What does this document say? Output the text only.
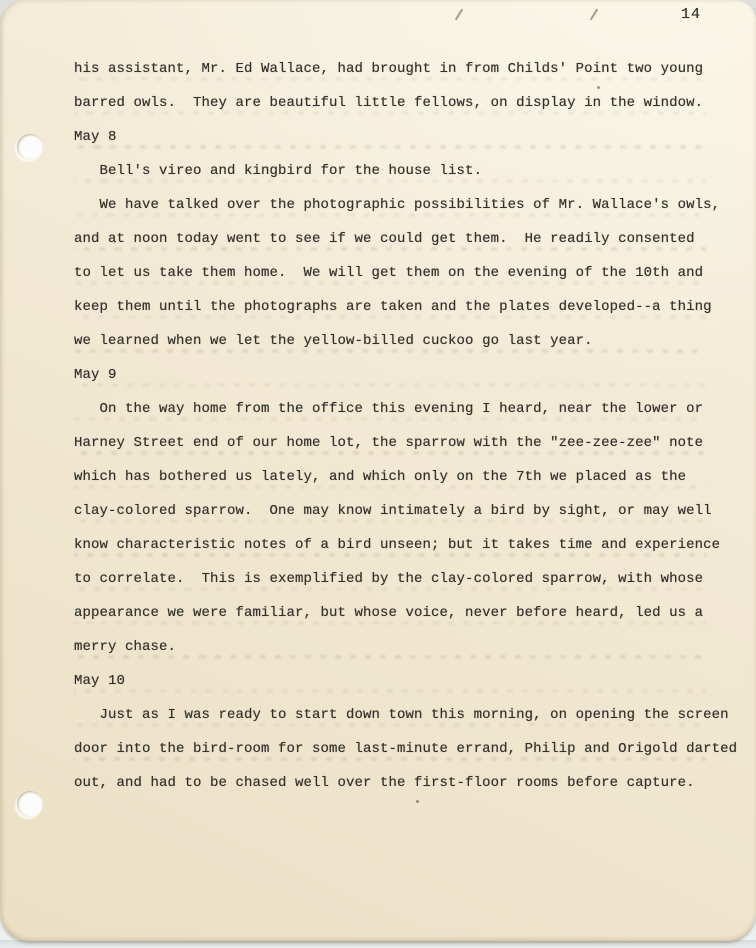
14
his assistant, Mr. Ed Wallace, had brought in from Childs' Point two young
barred owls.  They are beautiful little fellows, on display in the window.
May 8
Bell's vireo and kingbird for the house list.
We have talked over the photographic possibilities of Mr. Wallace's owls,
and at noon today went to see if we could get them.  He readily consented
to let us take them home.  We will get them on the evening of the 10th and
keep them until the photographs are taken and the plates developed--a thing
we learned when we let the yellow-billed cuckoo go last year.
May 9
On the way home from the office this evening I heard, near the lower or
Harney Street end of our home lot, the sparrow with the "zee-zee-zee" note
which has bothered us lately, and which only on the 7th we placed as the
clay-colored sparrow.  One may know intimately a bird by sight, or may well
know characteristic notes of a bird unseen; but it takes time and experience
to correlate.  This is exemplified by the clay-colored sparrow, with whose
appearance we were familiar, but whose voice, never before heard, led us a
merry chase.
May 10
Just as I was ready to start down town this morning, on opening the screen
door into the bird-room for some last-minute errand, Philip and Origold darted
out, and had to be chased well over the first-floor rooms before capture.
